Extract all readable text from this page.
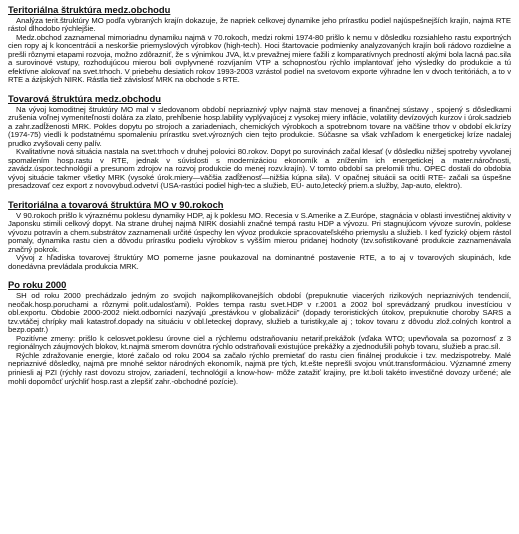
Teritoriálna štruktúra medz.obchodu

Analýza terit.štruktúry MO podľa vybraných krajín dokazuje, že napriek celkovej dynamike jeho prírastku podiel najúspešnejších krajín, najmä RTE rástol dlhodobo rýchlejšie.

Medz.obchod zaznamenal mimoriadnu dynamiku najmä v 70.rokoch, medzi rokmi 1974-80 prišlo k nemu v dôsledku rozsiahleho rastu exportných cien ropy aj k koncentrácii a neskoršie priemyslových výrobkov (high-tech). Hoci štartovacie podmienky analyzovaných krajín boli rádovo rozdielne a prešli rôznymi etapami rozvoja, možno zdôrazniť, že s výnimkou JVA, kt.v prevažnej miere ťažili z komparatívnych predností akými bola lacná pac.sila a surovinové vstupy, rozhodujúcou mierou boli ovplyvnené rozvíjaním VTP a schopnosťou rýchlo implantovať jeho výsledky do produkcie a tú efektívne alokovať na svet.trhoch. V priebehu desiatich rokov 1993-2003 vzrástol podiel na svetovom exporte výhradne len v dvoch teritóriách, a to v RTE a ázijských NIRK. Rástla tiež závislosť MRK na obchode s RTE.

Tovarová štruktúra medz.obchodu

Na vývoj komoditnej štruktúry MO mal v sledovanom období nepriaznivý vplyv najmä stav menovej a finančnej sústavy , spojený s dôsledkami zrušenia voľnej vymeniteľnosti dolára za zlato, prehĺbenie hosp.lability vyplývajúcej z vysokej miery inflácie, volatility devízových kurzov i úrok.sadzieb a zahr.zadĺženosti MRK. Pokles dopytu po strojoch a zariadeniach, chemických výrobkoch a spotrebnom tovare na väčšine trhov v období ek.krízy (1974-75) viedli k podstatnému spomaleniu prírastku svet.výrozných cien tejto produkcie. Súčasne sa však vzhľadom k energetickej kríze nadalej prudko zvyšovali ceny palív.

Kvalitatívne nová situácia nastala na svet.trhoch v druhej polovici 80.rokov. Dopyt po surovinách začal klesať (v dôsledku nižšej spotreby vyvolanej spomalením hosp.rastu v RTE, jednak v súvislosti s modernizáciou ekonomík a znížením ich energetickej a mater.náročnosti, zavádz.úspor.technológií a presunom zdrojov na rozvoj produkcie do menej rozv.krajín). V tomto období sa prelomili trhu. OPEC dostali do obdobia vývoj situácie takmer všetky MRK (vysoké úrok.miery—väčšia zadĺženosť—nižšia kúpna sila). V opačnej situácii sa ocitli RTE- začali sa úspešne presadzovať cez export z novovybud.odvetví (USA-rastúci podiel high-tec a služieb, EÚ- auto,letecký priem.a služby, Jap-auto, elektro).

Teritoriálna a tovarová štruktúra MO v 90.rokoch

V 90.rokoch prišlo k výraznému poklesu dynamiky HDP, aj k poklesu MO. Recesia v S.Amerike a Z.Európe, stagnácia v oblasti investičnej aktivity v Japonsku stimili celkový dopyt. Na strane druhej najmä NIRK dosiahli značné tempá rastu HDP a vývozu. Pri stagnujúcom vývoze surovín, poklese vývozu potravín a chem.substrátov zaznamenali určité úspechy len vývoz produkcie spracovateľského priemyslu a služieb. I keď fyzický objem rástol pomaly, dynamika rastu cien a dôvodu prírastku podielu výrobkov s vyšším mierou pridanej hodnoty (tzv.sofistikované produkcie zaznamenávala značný pokrok.

Vývoj z hľadiska tovarovej štruktúry MO pomerne jasne poukazoval na dominantné postavenie RTE, a to aj v tovarových skupinách, kde donedávna prevládala produkcia MRK.

Po roku 2000

SH od roku 2000 prechádzalo jedným zo svojich najkomplikovanejších období (prepuknutie viacerých rizikových nepriaznivých tendencií, neočak.hosp.poruchami a rôznymi polit.udalosťami). Pokles tempa rastu svet.HDP v r.2001 a 2002 bol sprevádzaný prudkou investíciou v obl.exportu. Obdobie 2000-2002 niekt.odborníci nazývajú „prestávkou v globalizácii" (dopady teroristických útokov, prepuknutie choroby SARS a tzv.vtáčej chrípky mali katastrof.dopady na situáciu v obl.leteckej dopravy, služieb a turistiky,ale aj ; tokov tovaru z dôvodu zlož.colných kontrol a bezp.opatr.)

Pozitívne zmeny: prišlo k celosvet.poklesu úrovne ciel a rýchlemu odstraňovaniu netarif.prekážok (vďaka WTO; upevňovala sa pozornosť z 3 regionálnych záujmových blokov, kt.najmä smerom dovnútra rýchlo odstraňovali existujúce prekážky a zjednodušili pohyb tovaru, služieb a prac.síl.

Rýchle zdražovanie energie, ktoré začalo od roku 2004 sa začalo rýchlo premietať do rastu cien finálnej produkcie i tzv. medzispotreby. Malé nepriaznivé dôsledky, najmä pre mnohé sektor národných ekonomík, najmä pre tých, kt.ešte neprešli svojou vnút.transformáciou. Významné zmeny priniesli aj PZI (rýchly rast dovozu strojov, zariadení, technológií a know-how- môže zatažiť krajiny, pre kt.boli takéto investičné dovozy určené; ale mohli dopomôcť urýchliť hosp.rast a zlepšiť zahr.-obchodné pozície).
